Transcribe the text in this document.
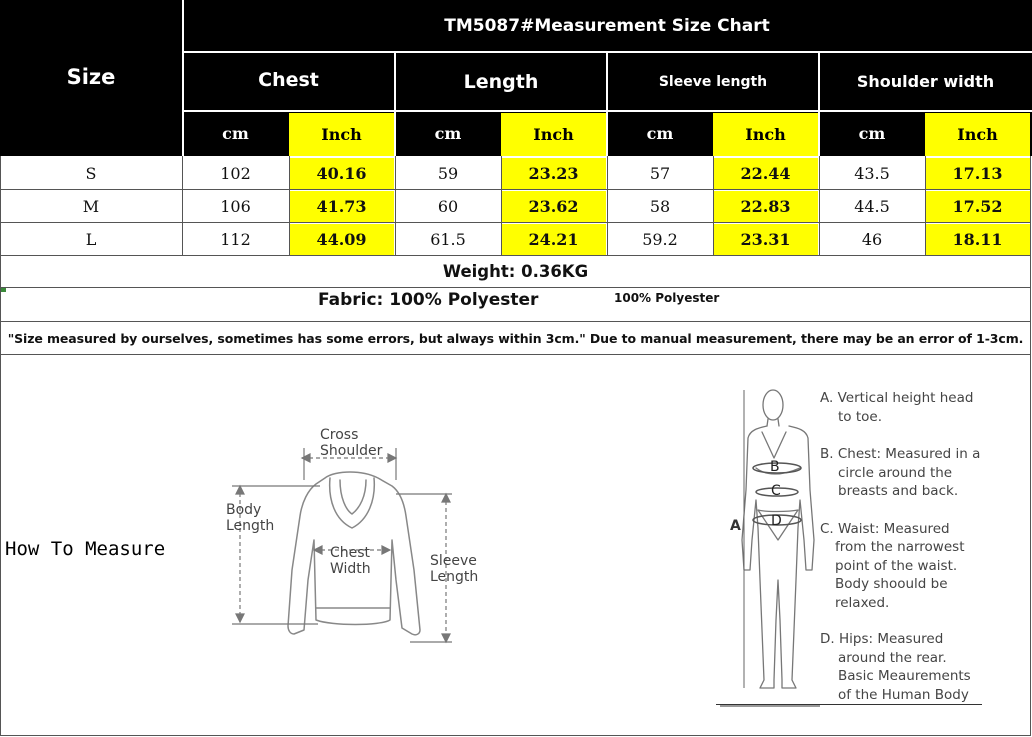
Size
TM5087#Measurement Size Chart
Chest	Length	Sleeve length	Shoulder width
cm	Inch	cm	Inch	cm	Inch	cm	Inch
S	102	40.16	59	23.23	57	22.44	43.5	17.13
M	106	41.73	60	23.62	58	22.83	44.5	17.52
L	112	44.09	61.5	24.21	59.2	23.31	46	18.11
Weight: 0.36KG
Fabric: 100% Polyester	100% Polyester
"Size measured by ourselves, sometimes has some errors, but always within 3cm." Due to manual measurement, there may be an error of 1-3cm.
How To Measure
Cross
Shoulder
Body
Length
Chest
Width	Sleeve
Length
A
B
C
D
A. Vertical height head
to toe.
B. Chest: Measured in a
circle around the
breasts and back.
C. Waist: Measured
from the narrowest
point of the waist.
Body shoould be
relaxed.
D. Hips: Measured
around the rear.
Basic Meaurements
of the Human Body
